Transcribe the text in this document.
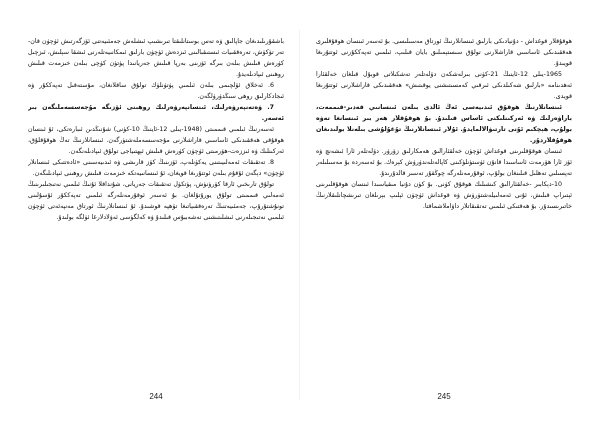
باشقۇرىلىدىغان جاپالىق ۋە تەس بوستانلىقتا تىرىشىپ ئىشلەش جەمئىيەتنى ئۆزگەرتىش ئۈچۈن قان-تەر تۆكۈش، تەرەققىيات ئىستىقبالىنى ئىزدەش ئۈچۈن بارلىق ئىمكانىيەتلەرنى ئىشقا سېلىش، ئىزچىل كۈرەش قىلىش بىلەن بىرگە ئۆزىنى بەرپا قىلىش جەريانىدا پۈتۈن كۈچى بىلەن خىزمەت قىلىش روھىنى ئىپادىلەيدۇ.

6. ئەخلاق ئۆلچىمى بىلەن ئىلمىي پۈتۈنلۈك تولۇق ساقلانغان، مۇستەقىل تەپەككۇر ۋە ئىجادكارلىق روھى سىڭدۈرۈلگەن.

7. ۋەتەنپەرۋەرلىك، ئىنسانپەرۋەرلىك روھىنى ئۆزىگە مۇجەسسەملىگەن بىر ئەسەر.

ئەسەرنىڭ ئىلمىي قىممىتى (1948-يىلى 12-ئاينىڭ 10-كۈنى) شۇنىڭدىن ئىبارەتكى، ئۇ ئىنسان ھوقۇقى ھەققىدىكى ئاساسىي قاراشلارنى مۇجەسسەملەشتۈرگەن. ئىنسانلارنىڭ تەڭ ھوقۇقلۇق، ئەركىنلىك ۋە ئىززەت-ھۆرمىتى ئۈچۈن كۈرەش قىلىش ئېھتىياجى تولۇق ئىپادىلەنگەن.

8. تەتقىقات ئەمەلىيىتىنى يەكۈنلەپ، ئۆزىنىڭ كۆز قارىشى ۋە ئىدىيەسىنى «ئادەتتىكى ئىنسانلار ئۈچۈن» دېگەن ئۇقۇم بىلەن ئوتتۇرىغا قويغان، ئۇ ئىنسانىيەتكە خىزمەت قىلىش روھىنى ئىپادىلىگەن.

تولۇق تارىخىي ئارقا كۆرۈنۈش، پۈتكۈل تەتقىقات جەريانى، شۇنداقلا ئۇنىڭ ئىلمىي نەتىجىلىرىنىڭ ئەمەلىي قىممىتى تولۇق يورۇتۇلغان. بۇ ئەسەر ئوقۇرمەنلەرگە ئىلمىي تەپەككۇر ئۇسۇلىنى تونۇشتۇرۇپ، جەمئىيەتنىڭ تەرەققىياتىغا تۆھپە قوشىدۇ. ئۇ ئىنسانلارنىڭ ئورتاق مەنپەئەتى ئۈچۈن ئىلمىي نەتىجىلەرنى ئىشلىتىشنى تەشەببۇس قىلىدۇ ۋە كەلگۈسى ئەۋلادلارغا ئۈلگە بولىدۇ.

ھوقۇقلار قوغداش - دۇنيادىكى بارلىق ئىنسانلارنىڭ ئورتاق مەسىلىسى. بۇ ئەسەر ئىنسان ھوقۇقلىرى ھەققىدىكى ئاساسىي قاراشلارنى تولۇق سىستېمىلىق بايان قىلىپ، ئىلمىي تەپەككۇرنى ئوتتۇرىغا قويىدۇ.

1965-يىلى 12-ئاينىڭ 21-كۈنى بىرلەشكەن دۆلەتلەر تەشكىلاتى قوبۇل قىلغان خەلقئارا ئەھدىنامە «بارلىق شەكىلدىكى ئىرقىي كەمسىتىشنى يوقىتىش» ھەققىدىكى قاراشلارنى ئوتتۇرىغا قويدى.

ئىنسانلارنىڭ ھوقۇق ئىدىيەسى ئەڭ ئالدى بىلەن ئىنسانىي قەدىر-قىممەت، باراۋەرلىك ۋە ئەركىنلىكنى ئاساس قىلىدۇ. بۇ ھوقۇقلار ھەر بىر ئىنسانغا تەۋە بولۇپ، ھېچكىم ئۇنى تارتىۋالالمايدۇ. ئۇلار ئىنسانلارنىڭ تۇغۇلۇشى بىلەنلا بولىدىغان ھوقۇقلاردۇر.

ئىنسان ھوقۇقلىرىنى قوغداش ئۈچۈن خەلقئارالىق ھەمكارلىق زۆرۈر. دۆلەتلەر ئارا ئىشەنچ ۋە ئۆز ئارا ھۆرمەت ئاساسىدا قانۇن ئۈستۈنلۈكىنى كاپالەتلەندۈرۈش كېرەك. بۇ ئەسەردە بۇ مەسىلىلەر تەپسىلىي تەھلىل قىلىنغان بولۇپ، ئوقۇرمەنلەرگە چوڭقۇر تەسىر قالدۇرىدۇ.

10-دېكابىر -خەلقئارالىق كىشىلىك ھوقۇق كۈنى. بۇ كۈن دۇنيا مىقياسىدا ئىنسان ھوقۇقلىرىنى ئېتىراپ قىلىش، ئۇنى ئەمەلىيلەشتۈرۈش ۋە قوغداش ئۈچۈن ئېلىپ بېرىلغان تىرىشچانلىقلارنىڭ خاتىرىسىدۇر. بۇ ھەقتىكى ئىلمىي تەتقىقاتلار داۋاملاشماقتا.

244	245
